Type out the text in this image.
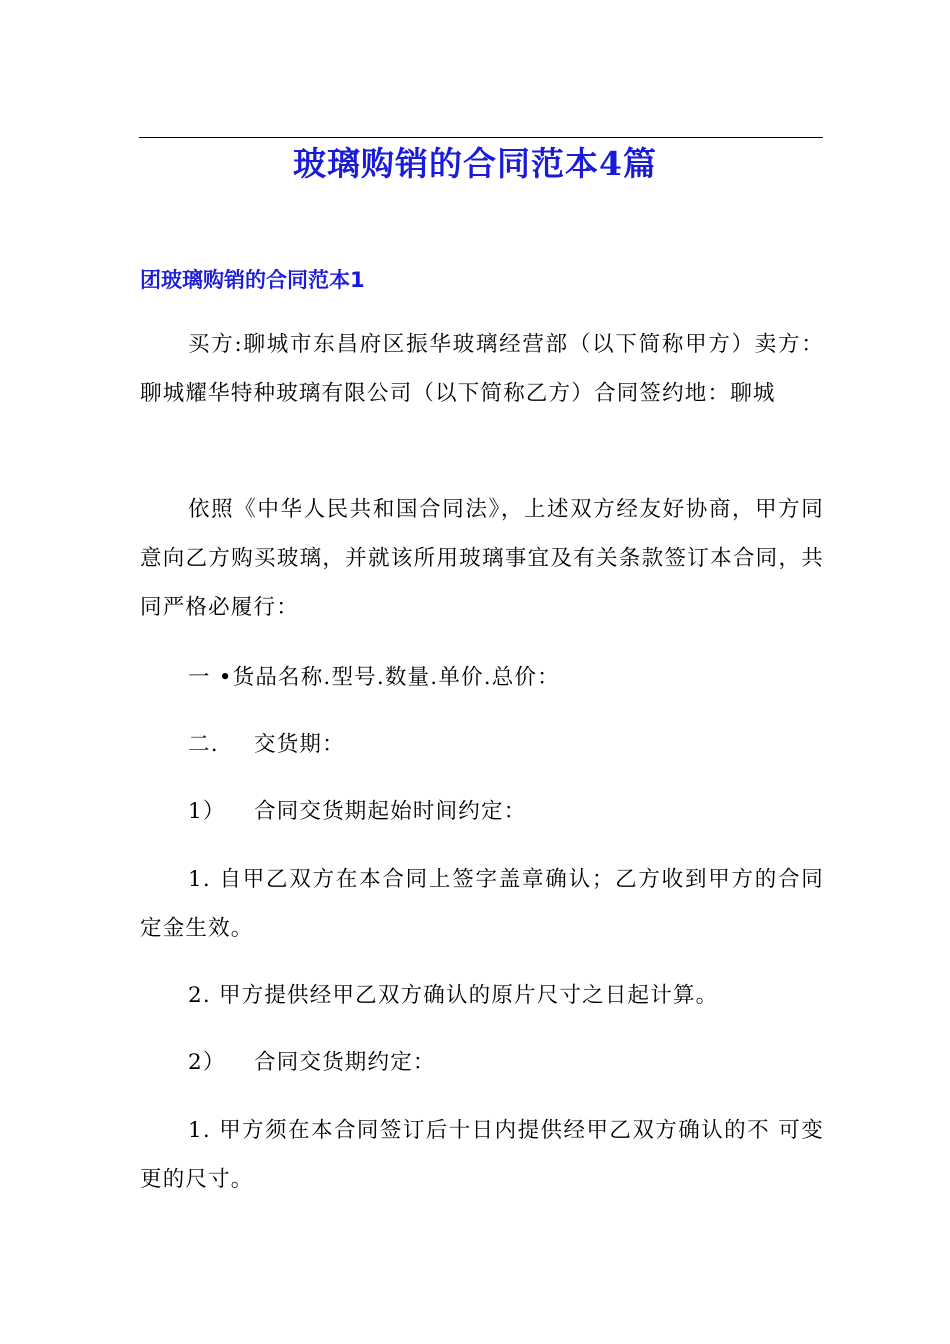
玻璃购销的合同范本4篇
团玻璃购销的合同范本1

买方:聊城市东昌府区振华玻璃经营部（以下简称甲方）卖方：聊城耀华特种玻璃有限公司（以下简称乙方）合同签约地：聊城

依照《中华人民共和国合同法》，上述双方经友好协商，甲方同意向乙方购买玻璃，并就该所用玻璃事宜及有关条款签订本合同，共同严格必履行：

一 •货品名称.型号.数量.单价.总价：

二. 交货期：

1） 合同交货期起始时间约定：

1. 自甲乙双方在本合同上签字盖章确认；乙方收到甲方的合同定金生效。

2. 甲方提供经甲乙双方确认的原片尺寸之日起计算。

2） 合同交货期约定：

1. 甲方须在本合同签订后十日内提供经甲乙双方确认的不 可变更的尺寸。
